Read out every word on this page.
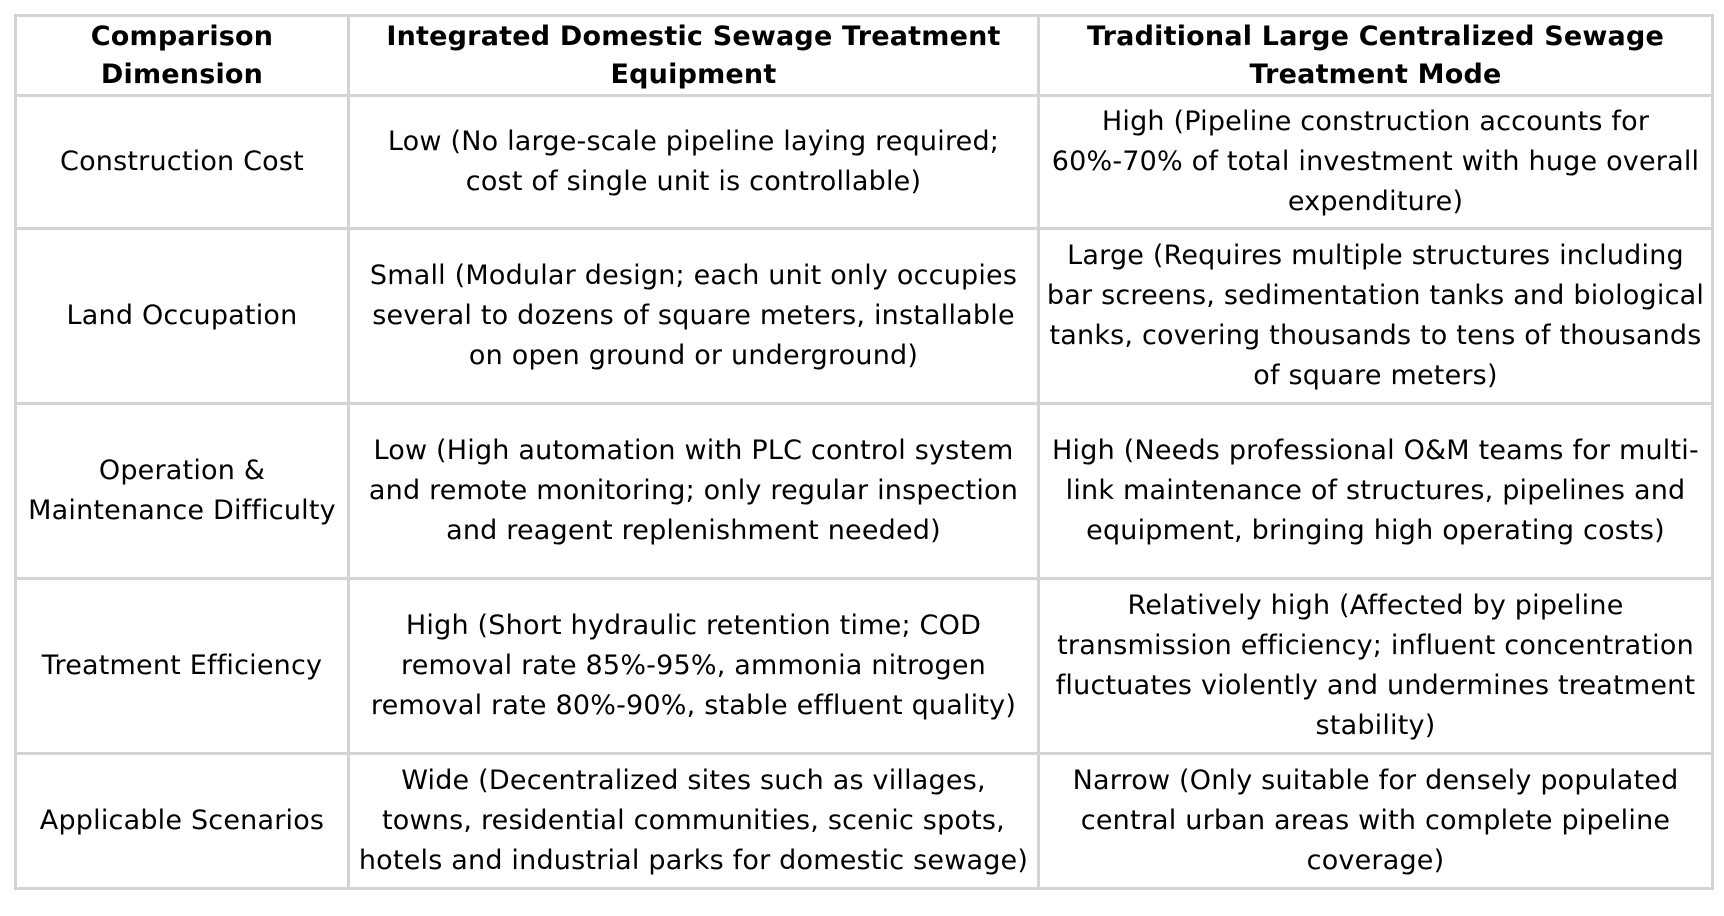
Comparison Dimension	Integrated Domestic Sewage Treatment Equipment	Traditional Large Centralized Sewage Treatment Mode
Construction Cost	Low (No large-scale pipeline laying required; cost of single unit is controllable)	High (Pipeline construction accounts for 60%-70% of total investment with huge overall expenditure)
Land Occupation	Small (Modular design; each unit only occupies several to dozens of square meters, installable on open ground or underground)	Large (Requires multiple structures including bar screens, sedimentation tanks and biological tanks, covering thousands to tens of thousands of square meters)
Operation & Maintenance Difficulty	Low (High automation with PLC control system and remote monitoring; only regular inspection and reagent replenishment needed)	High (Needs professional O&M teams for multi-link maintenance of structures, pipelines and equipment, bringing high operating costs)
Treatment Efficiency	High (Short hydraulic retention time; COD removal rate 85%-95%, ammonia nitrogen removal rate 80%-90%, stable effluent quality)	Relatively high (Affected by pipeline transmission efficiency; influent concentration fluctuates violently and undermines treatment stability)
Applicable Scenarios	Wide (Decentralized sites such as villages, towns, residential communities, scenic spots, hotels and industrial parks for domestic sewage)	Narrow (Only suitable for densely populated central urban areas with complete pipeline coverage)
